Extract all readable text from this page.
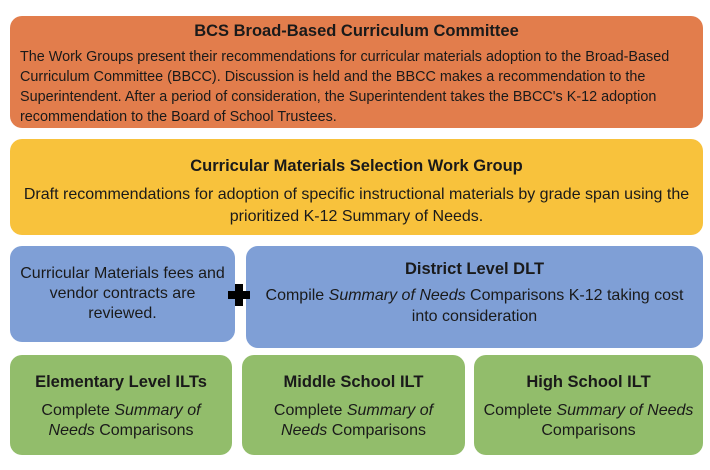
BCS Broad-Based Curriculum Committee
The Work Groups present their recommendations for curricular materials adoption to the Broad-Based Curriculum Committee (BBCC). Discussion is held and the BBCC makes a recommendation to the Superintendent. After a period of consideration, the Superintendent takes the BBCC's K-12 adoption recommendation to the Board of School Trustees.
Curricular Materials Selection Work Group
Draft recommendations for adoption of specific instructional materials by grade span using the prioritized K-12 Summary of Needs.
Curricular Materials fees and vendor contracts are reviewed.
District Level DLT
Compile Summary of Needs Comparisons K-12 taking cost into consideration
Elementary Level ILTs
Complete Summary of Needs Comparisons
Middle School ILT
Complete Summary of Needs Comparisons
High School ILT
Complete Summary of Needs Comparisons
